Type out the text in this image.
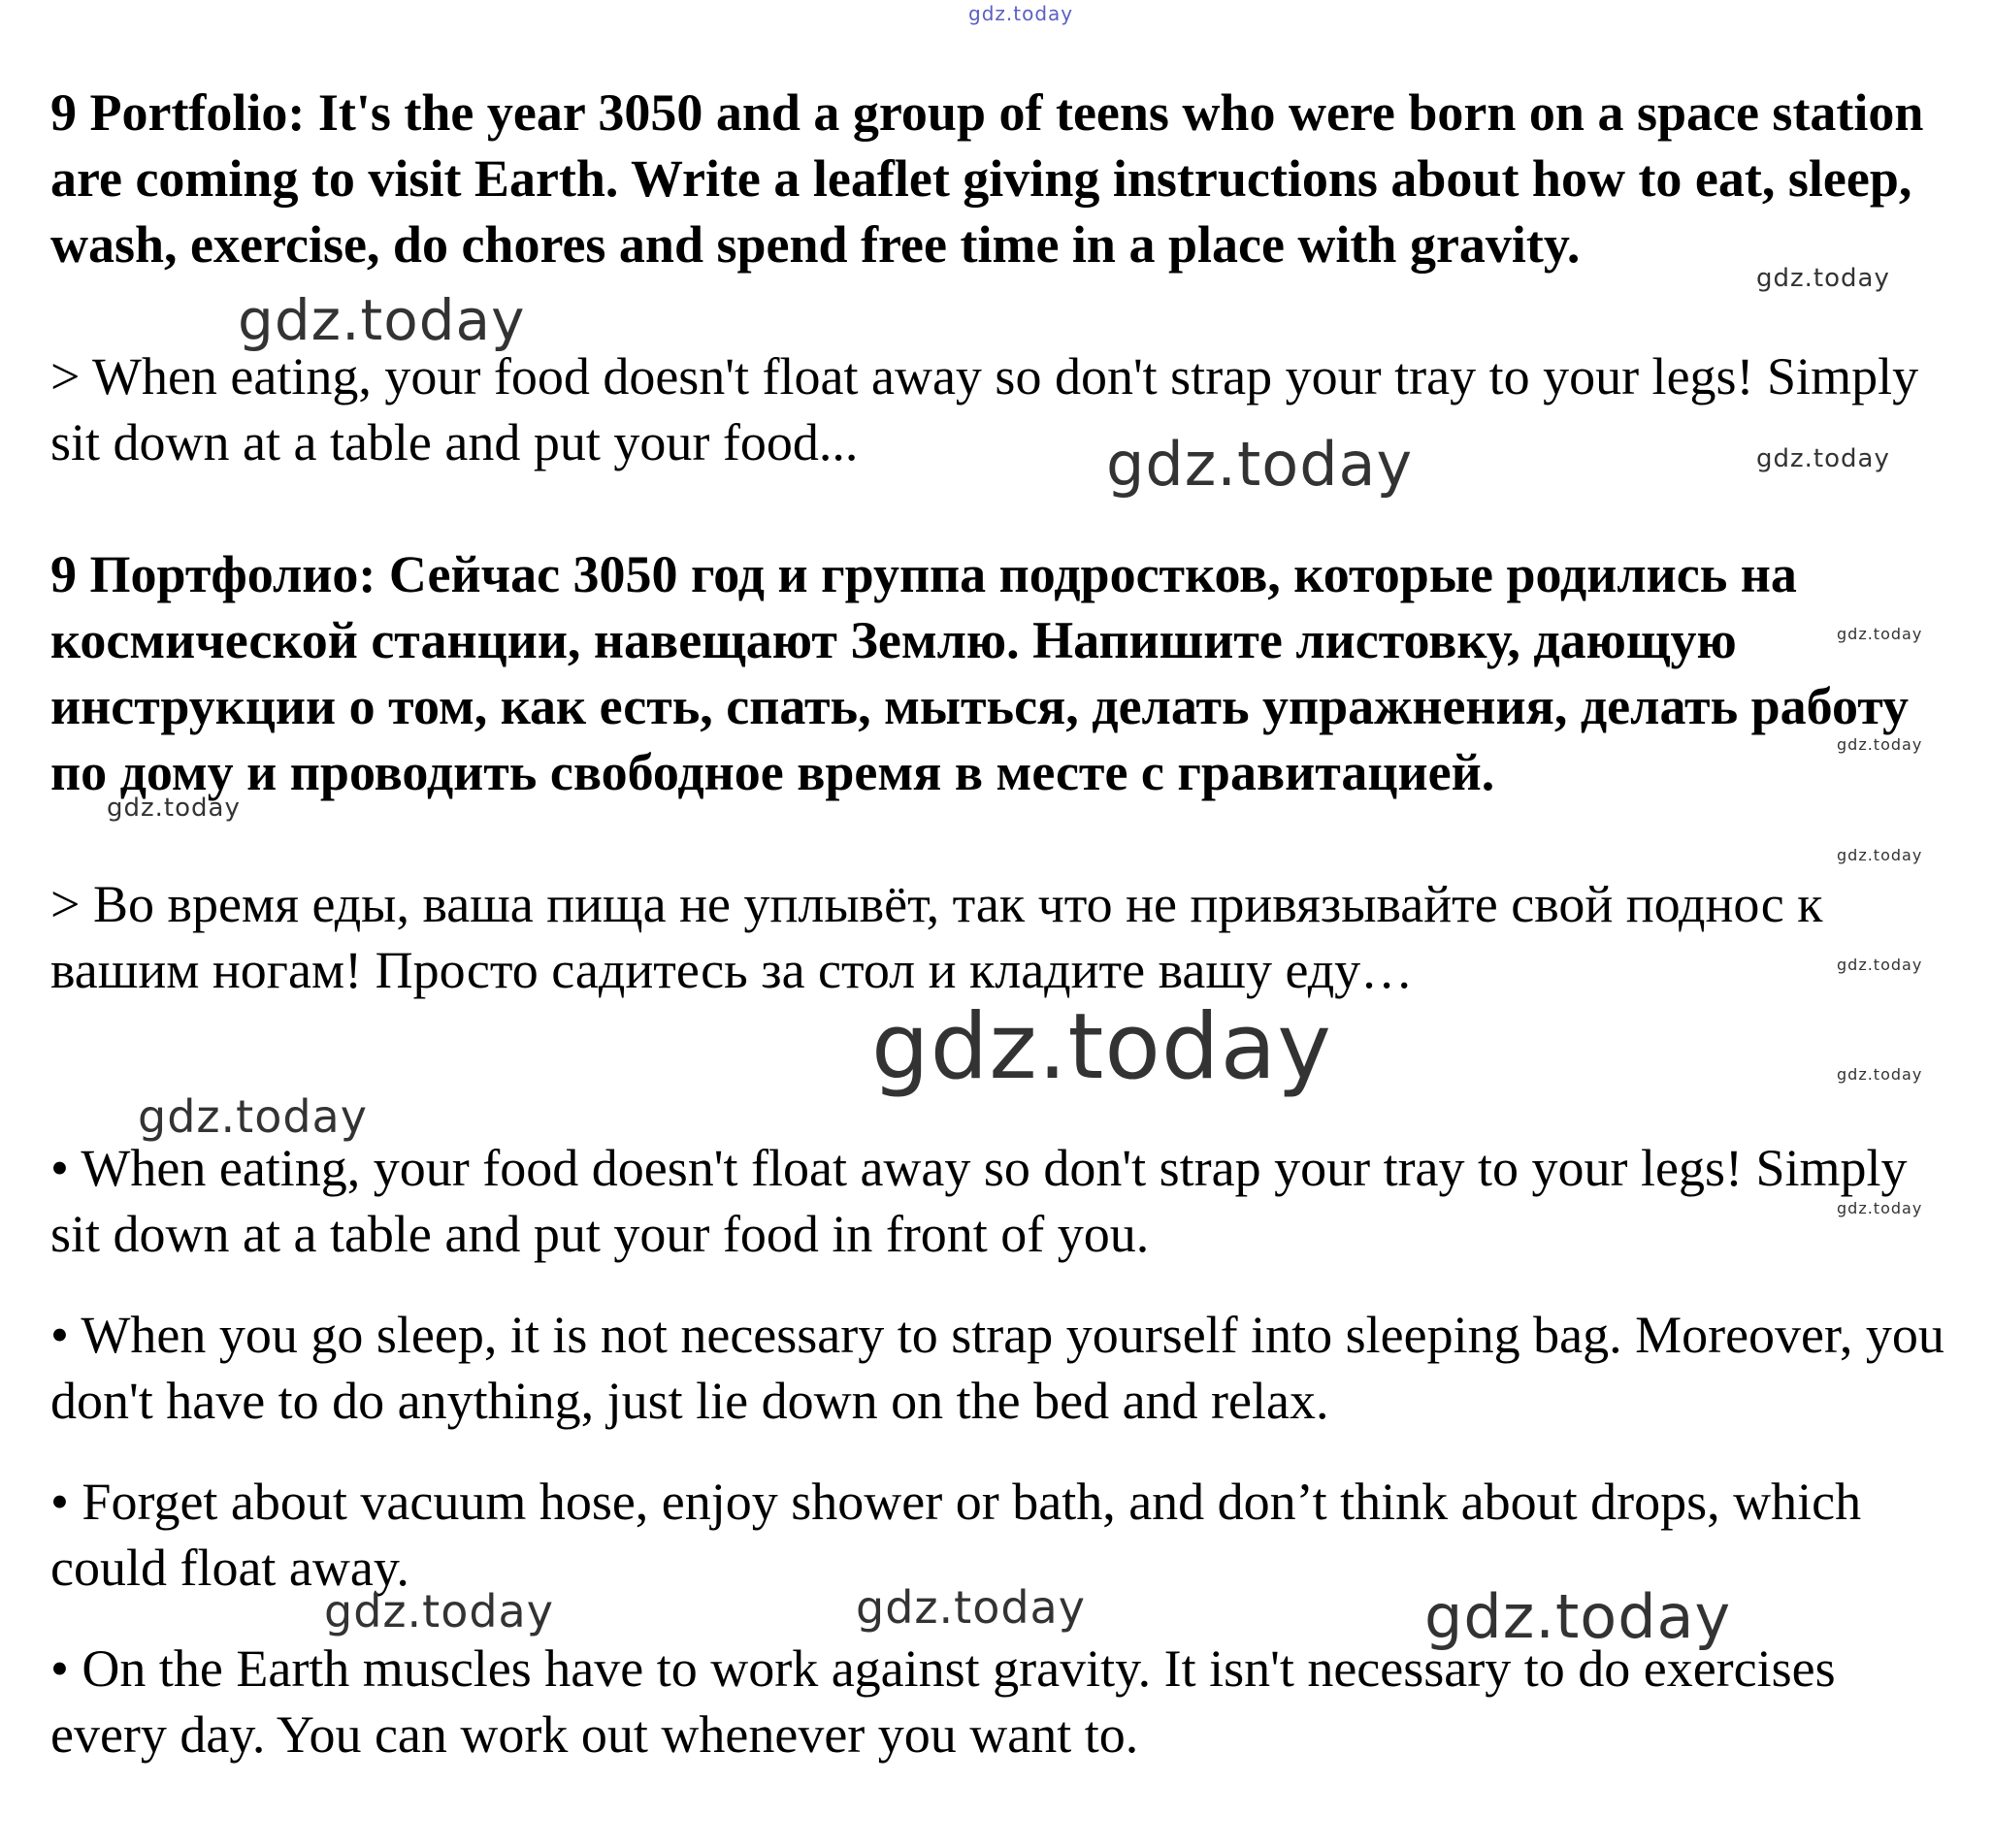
9 Portfolio: It's the year 3050 and a group of teens who were born on a space station are coming to visit Earth. Write a leaflet giving instructions about how to eat, sleep, wash, exercise, do chores and spend free time in a place with gravity.

> When eating, your food doesn't float away so don't strap your tray to your legs! Simply sit down at a table and put your food...

9 Портфолио: Сейчас 3050 год и группа подростков, которые родились на космической станции, навещают Землю. Напишите листовку, дающую инструкции о том, как есть, спать, мыться, делать упражнения, делать работу по дому и проводить свободное время в месте с гравитацией.

> Во время еды, ваша пища не уплывёт, так что не привязывайте свой поднос к вашим ногам! Просто садитесь за стол и кладите вашу еду…

• When eating, your food doesn't float away so don't strap your tray to your legs! Simply sit down at a table and put your food in front of you.

• When you go sleep, it is not necessary to strap yourself into sleeping bag. Moreover, you don't have to do anything, just lie down on the bed and relax.

• Forget about vacuum hose, enjoy shower or bath, and don’t think about drops, which could float away.

• On the Earth muscles have to work against gravity. It isn't necessary to do exercises every day. You can work out whenever you want to.

gdz.today
gdz.today
gdz.today
gdz.today	gdz.today
gdz.today
gdz.today
gdz.today
gdz.today
gdz.today
gdz.today	gdz.today
gdz.today
gdz.today
gdz.today	gdz.today	gdz.today
